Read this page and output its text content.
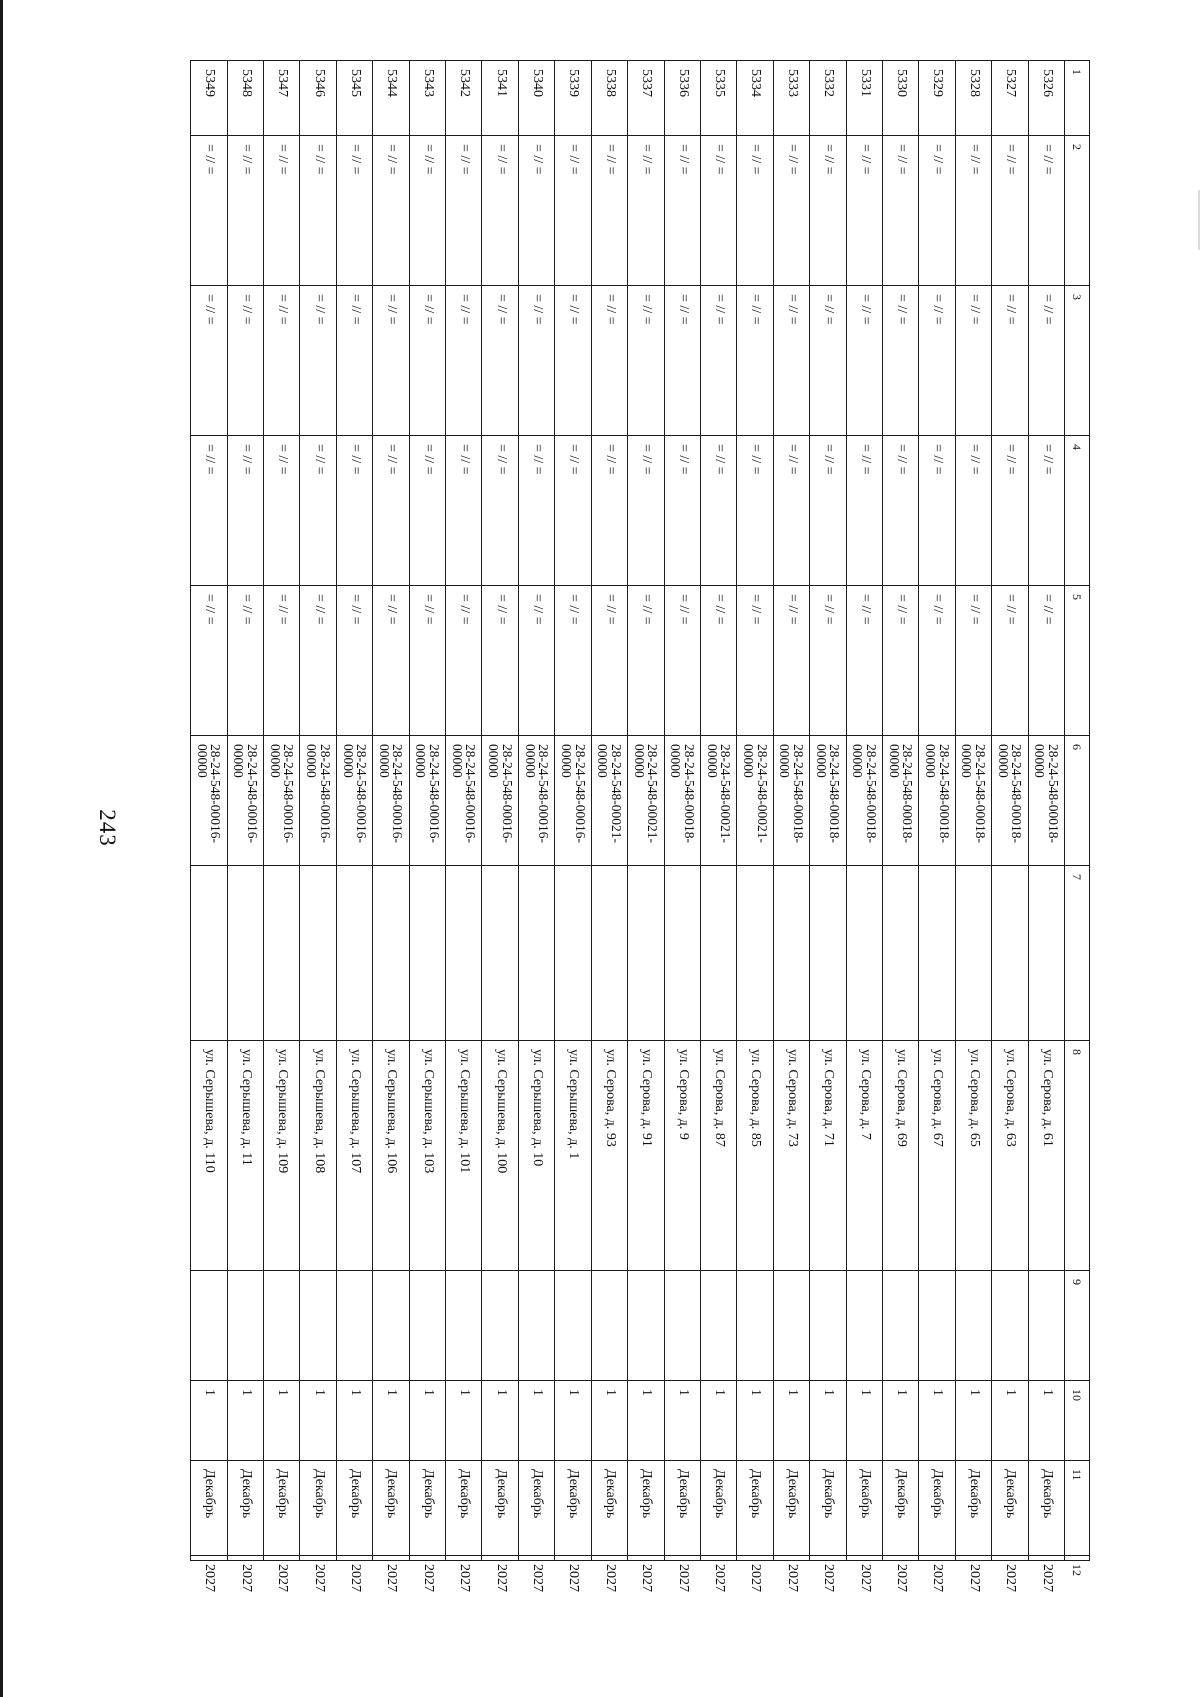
243
1	2	3	4	5	6	7	8	9	10	11	12
5326	= // =	= // =	= // =	= // =	28-24-548-00018-00000		ул. Серова, д. 61		1	Декабрь	2027
5327	= // =	= // =	= // =	= // =	28-24-548-00018-00000		ул. Серова, д. 63		1	Декабрь	2027
5328	= // =	= // =	= // =	= // =	28-24-548-00018-00000		ул. Серова, д. 65		1	Декабрь	2027
5329	= // =	= // =	= // =	= // =	28-24-548-00018-00000		ул. Серова, д. 67		1	Декабрь	2027
5330	= // =	= // =	= // =	= // =	28-24-548-00018-00000		ул. Серова, д. 69		1	Декабрь	2027
5331	= // =	= // =	= // =	= // =	28-24-548-00018-00000		ул. Серова, д. 7		1	Декабрь	2027
5332	= // =	= // =	= // =	= // =	28-24-548-00018-00000		ул. Серова, д. 71		1	Декабрь	2027
5333	= // =	= // =	= // =	= // =	28-24-548-00018-00000		ул. Серова, д. 73		1	Декабрь	2027
5334	= // =	= // =	= // =	= // =	28-24-548-00021-00000		ул. Серова, д. 85		1	Декабрь	2027
5335	= // =	= // =	= // =	= // =	28-24-548-00021-00000		ул. Серова, д. 87		1	Декабрь	2027
5336	= // =	= // =	= // =	= // =	28-24-548-00018-00000		ул. Серова, д. 9		1	Декабрь	2027
5337	= // =	= // =	= // =	= // =	28-24-548-00021-00000		ул. Серова, д. 91		1	Декабрь	2027
5338	= // =	= // =	= // =	= // =	28-24-548-00021-00000		ул. Серова, д. 93		1	Декабрь	2027
5339	= // =	= // =	= // =	= // =	28-24-548-00016-00000		ул. Серышева, д. 1		1	Декабрь	2027
5340	= // =	= // =	= // =	= // =	28-24-548-00016-00000		ул. Серышева, д. 10		1	Декабрь	2027
5341	= // =	= // =	= // =	= // =	28-24-548-00016-00000		ул. Серышева, д. 100		1	Декабрь	2027
5342	= // =	= // =	= // =	= // =	28-24-548-00016-00000		ул. Серышева, д. 101		1	Декабрь	2027
5343	= // =	= // =	= // =	= // =	28-24-548-00016-00000		ул. Серышева, д. 103		1	Декабрь	2027
5344	= // =	= // =	= // =	= // =	28-24-548-00016-00000		ул. Серышева, д. 106		1	Декабрь	2027
5345	= // =	= // =	= // =	= // =	28-24-548-00016-00000		ул. Серышева, д. 107		1	Декабрь	2027
5346	= // =	= // =	= // =	= // =	28-24-548-00016-00000		ул. Серышева, д. 108		1	Декабрь	2027
5347	= // =	= // =	= // =	= // =	28-24-548-00016-00000		ул. Серышева, д. 109		1	Декабрь	2027
5348	= // =	= // =	= // =	= // =	28-24-548-00016-00000		ул. Серышева, д. 11		1	Декабрь	2027
5349	= // =	= // =	= // =	= // =	28-24-548-00016-00000		ул. Серышева, д. 110		1	Декабрь	2027
